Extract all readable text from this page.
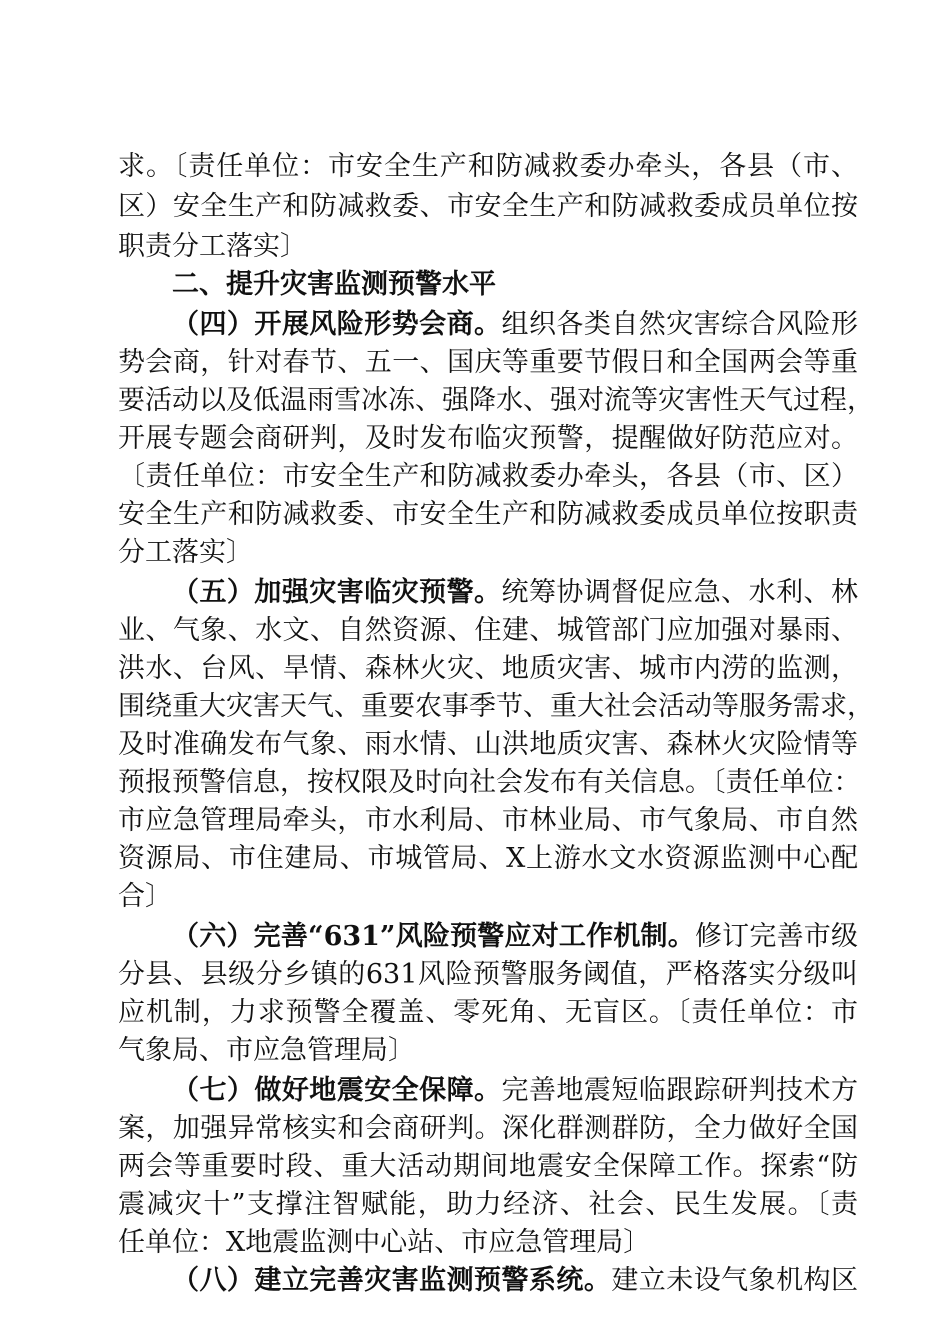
求。〔责任单位：市安全生产和防减救委办牵头，各县（市、
区）安全生产和防减救委、市安全生产和防减救委成员单位按
职责分工落实〕
二、提升灾害监测预警水平
（四）开展风险形势会商。组织各类自然灾害综合风险形
势会商，针对春节、五一、国庆等重要节假日和全国两会等重
要活动以及低温雨雪冰冻、强降水、强对流等灾害性天气过程，
开展专题会商研判，及时发布临灾预警，提醒做好防范应对。
〔责任单位：市安全生产和防减救委办牵头，各县（市、区）
安全生产和防减救委、市安全生产和防减救委成员单位按职责
分工落实〕
（五）加强灾害临灾预警。统筹协调督促应急、水利、林
业、气象、水文、自然资源、住建、城管部门应加强对暴雨、
洪水、台风、旱情、森林火灾、地质灾害、城市内涝的监测，
围绕重大灾害天气、重要农事季节、重大社会活动等服务需求，
及时准确发布气象、雨水情、山洪地质灾害、森林火灾险情等
预报预警信息，按权限及时向社会发布有关信息。〔责任单位：
市应急管理局牵头，市水利局、市林业局、市气象局、市自然
资源局、市住建局、市城管局、X上游水文水资源监测中心配
合〕
（六）完善“631”风险预警应对工作机制。修订完善市级
分县、县级分乡镇的631风险预警服务阈值，严格落实分级叫
应机制，力求预警全覆盖、零死角、无盲区。〔责任单位：市
气象局、市应急管理局〕
（七）做好地震安全保障。完善地震短临跟踪研判技术方
案，加强异常核实和会商研判。深化群测群防，全力做好全国
两会等重要时段、重大活动期间地震安全保障工作。探索“防
震减灾十”支撑注智赋能，助力经济、社会、民生发展。〔责
任单位：X地震监测中心站、市应急管理局〕
（八）建立完善灾害监测预警系统。建立未设气象机构区
